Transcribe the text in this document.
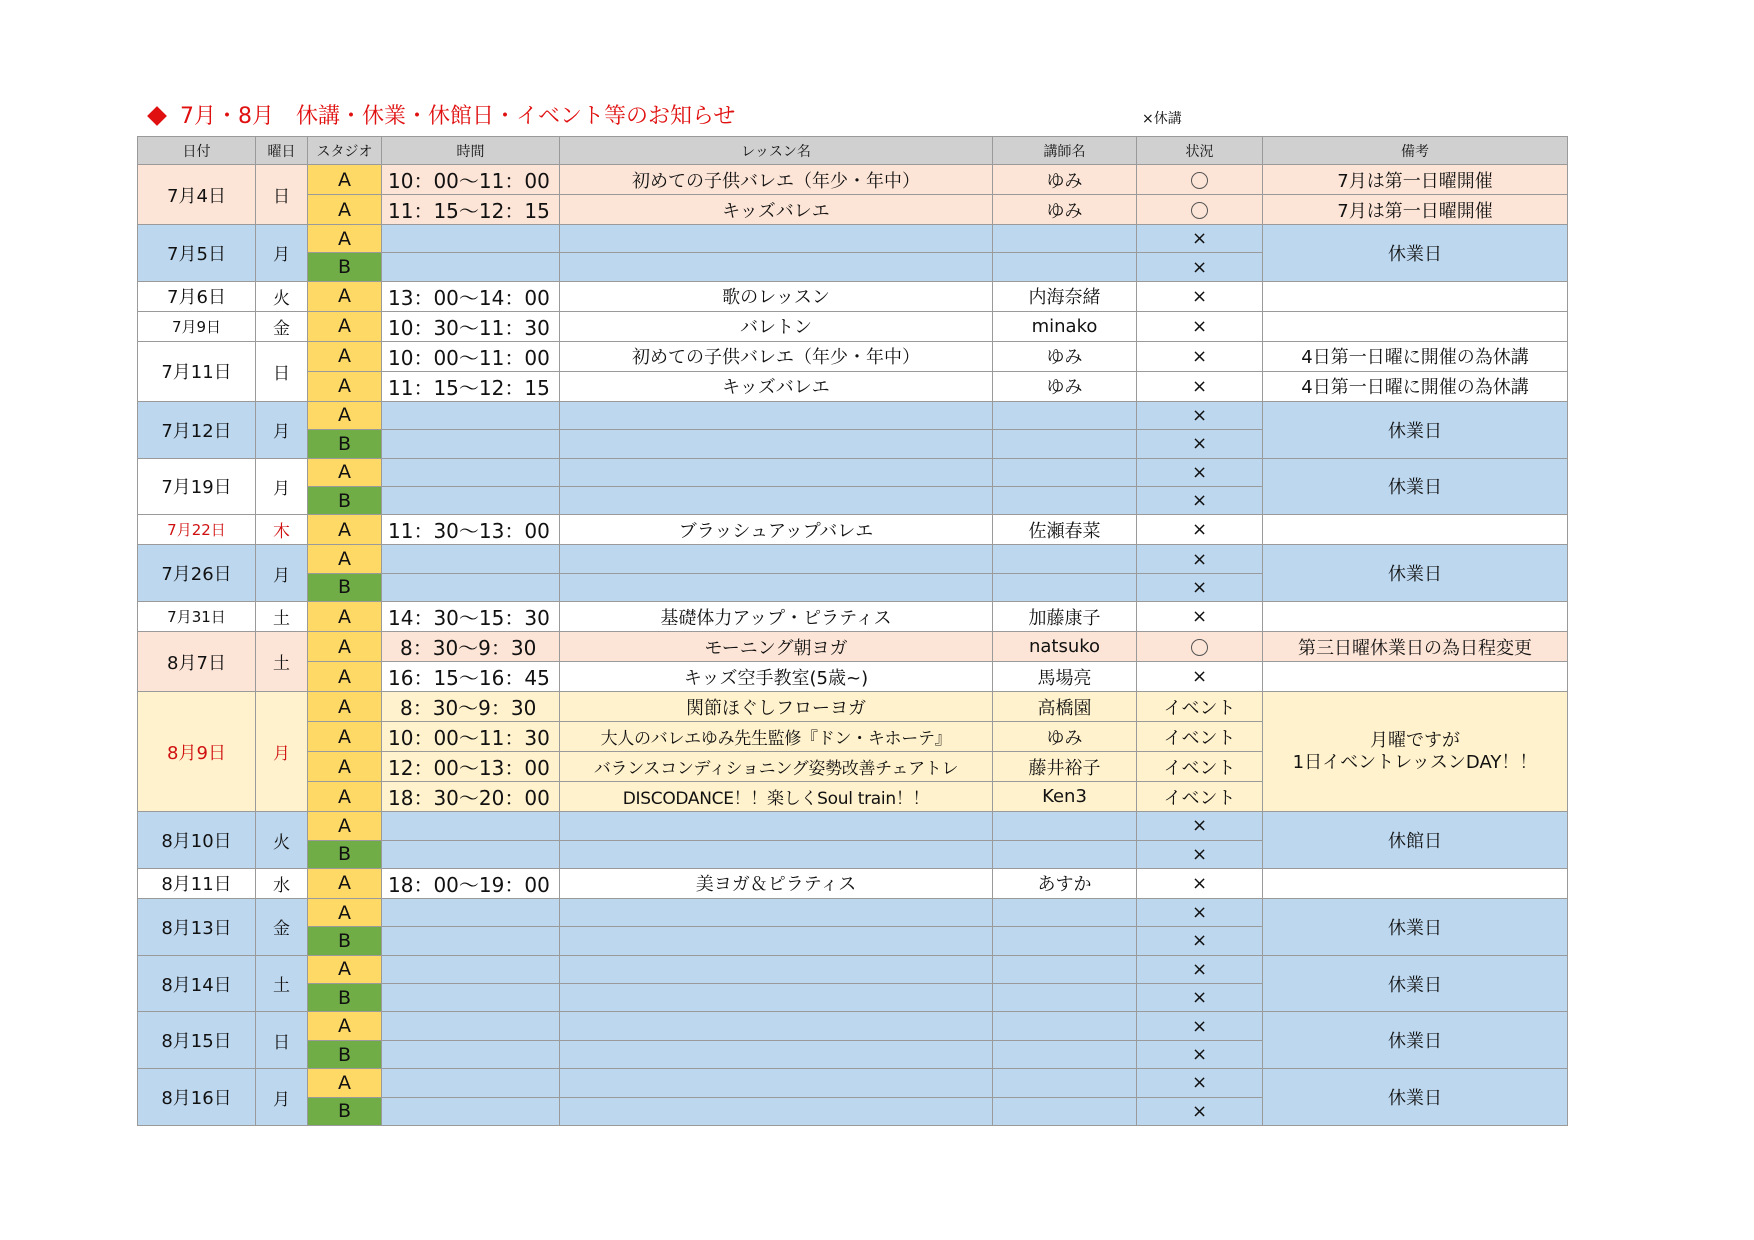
7月・8月　休講・休業・休館日・イベント等のお知らせ	×休講
日付	曜日	スタジオ	時間	レッスン名	講師名	状況	備考
7月4日	日	A	10：00～11：00	初めての子供バレエ（年少・年中）	ゆみ		7月は第一日曜開催
		A	11：15～12：15	キッズバレエ	ゆみ		7月は第一日曜開催
7月5日	月	A				×	休業日
		B				×	
7月6日	火	A	13：00～14：00	歌のレッスン	内海奈緒	×	
7月9日	金	A	10：30～11：30	バレトン	minako	×	
7月11日	日	A	10：00～11：00	初めての子供バレエ（年少・年中）	ゆみ	×	4日第一日曜に開催の為休講
		A	11：15～12：15	キッズバレエ	ゆみ	×	4日第一日曜に開催の為休講
7月12日	月	A				×	休業日
		B				×	
7月19日	月	A				×	休業日
		B				×	
7月22日	木	A	11：30～13：00	ブラッシュアップバレエ	佐瀬春菜	×	
7月26日	月	A				×	休業日
		B				×	
7月31日	土	A	14：30～15：30	基礎体力アップ・ピラティス	加藤康子	×	
8月7日	土	A	8：30～9：30	モーニング朝ヨガ	natsuko		第三日曜休業日の為日程変更
		A	16：15～16：45	キッズ空手教室(5歳~)	馬場亮	×	
8月9日	月	A	8：30～9：30	関節ほぐしフローヨガ	高橋園	イベント	月曜ですが
1日イベントレッスンDAY！！

		A	10：00～11：30	大人のバレエゆみ先生監修『ドン・キホーテ』	ゆみ	イベント	
		A	12：00～13：00	バランスコンディショニング姿勢改善チェアトレ	藤井裕子	イベント	
		A	18：30～20：00	DISCODANCE！！楽しくSoul train！！	Ken3	イベント	
8月10日	火	A				×	休館日
		B				×	
8月11日	水	A	18：00～19：00	美ヨガ＆ピラティス	あすか	×	
8月13日	金	A				×	休業日
		B				×	
8月14日	土	A				×	休業日
		B				×	
8月15日	日	A				×	休業日
		B				×	
8月16日	月	A				×	休業日
		B				×	
